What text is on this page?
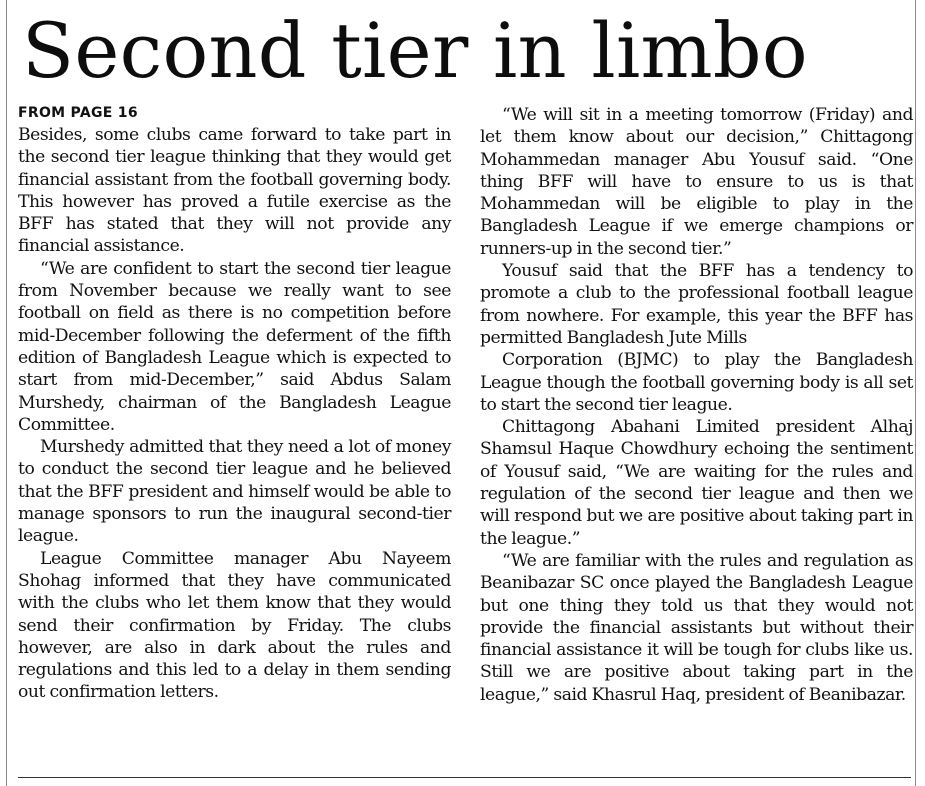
Second tier in limbo
FROM PAGE 16

Besides, some clubs came forward to take part in the second tier league thinking that they would get financial assistant from the football governing body. This however has proved a futile exercise as the BFF has stated that they will not provide any financial assistance.

“We are confident to start the second tier league from November because we really want to see football on field as there is no competition before mid-December following the deferment of the fifth edition of Bangladesh League which is expected to start from mid-December,” said Abdus Salam Murshedy, chairman of the Bangladesh League Committee.

Murshedy admitted that they need a lot of money to conduct the second tier league and he believed that the BFF president and himself would be able to manage sponsors to run the inaugural second-tier league.

League Committee manager Abu Nayeem Shohag informed that they have communicated with the clubs who let them know that they would send their confirmation by Friday. The clubs however, are also in dark about the rules and regulations and this led to a delay in them sending out confirmation letters.

“We will sit in a meeting tomorrow (Friday) and let them know about our decision,” Chittagong Mohammedan manager Abu Yousuf said. “One thing BFF will have to ensure to us is that Mohammedan will be eligible to play in the Bangladesh League if we emerge champions or runners-up in the second tier.”

Yousuf said that the BFF has a tendency to promote a club to the professional football league from nowhere. For example, this year the BFF has permitted Bangladesh Jute Mills

Corporation (BJMC) to play the Bangladesh League though the football governing body is all set to start the second tier league.

Chittagong Abahani Limited president Alhaj Shamsul Haque Chowdhury echoing the sentiment of Yousuf said, “We are waiting for the rules and regulation of the second tier league and then we will respond but we are positive about taking part in the league.”

“We are familiar with the rules and regulation as Beanibazar SC once played the Bangladesh League but one thing they told us that they would not provide the financial assistants but without their financial assistance it will be tough for clubs like us. Still we are positive about taking part in the league,” said Khasrul Haq, president of Beanibazar.
